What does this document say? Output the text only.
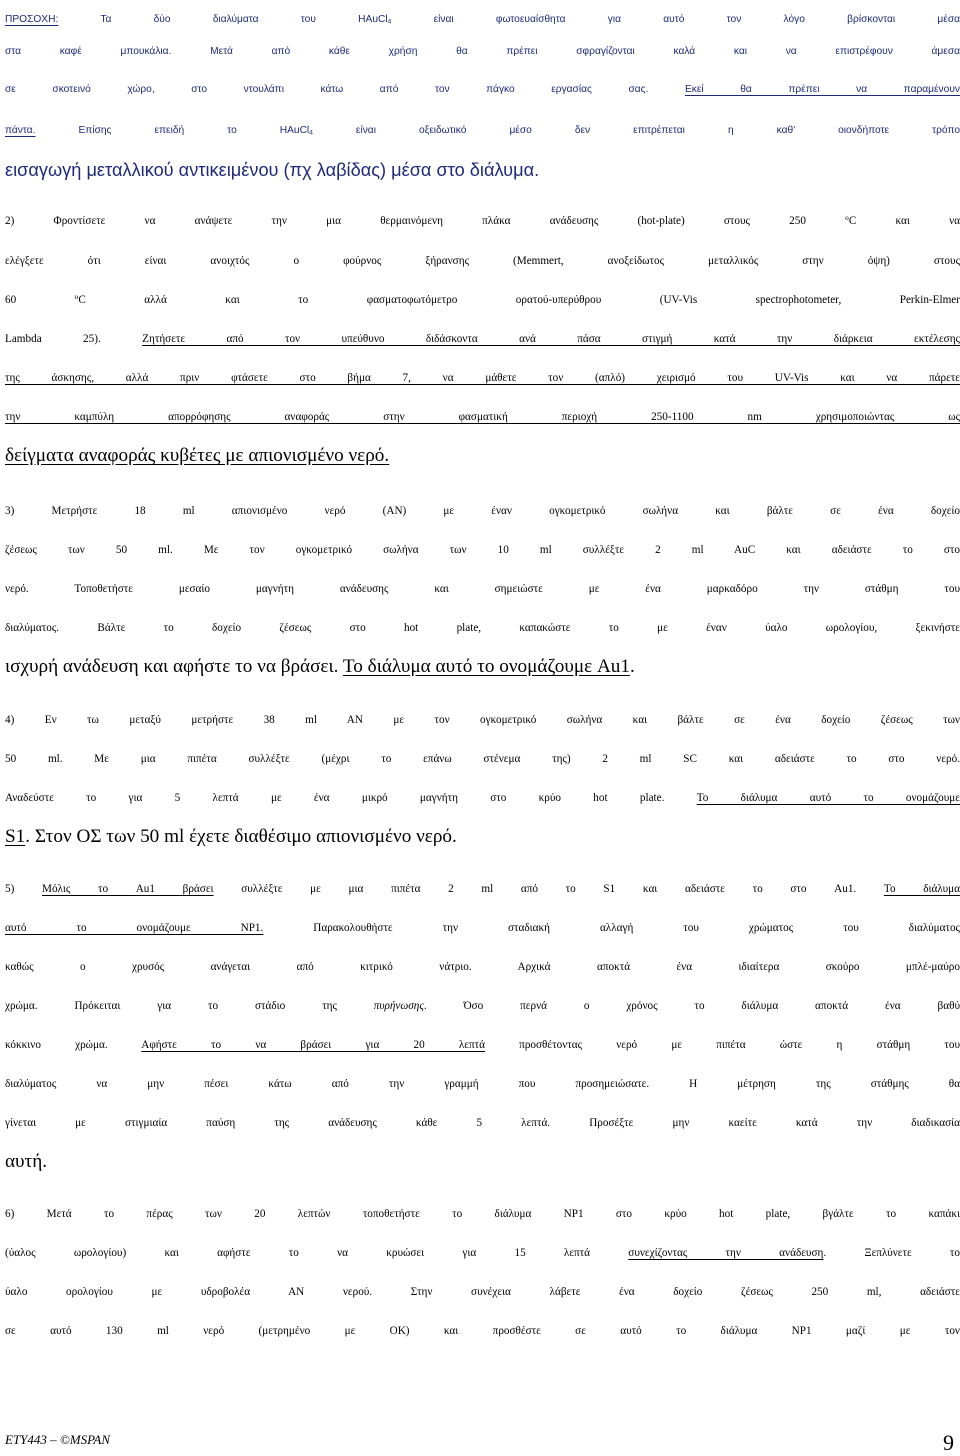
ΠΡΟΣΟΧΗ: Τα δύο διαλύματα του HAuCl$_4$ είναι φωτοευαίσθητα για αυτό τον λόγο βρίσκονται μέσα
στα καφέ μπουκάλια. Μετά από κάθε χρήση θα πρέπει σφραγίζονται καλά και να επιστρέφουν άμεσα
σε σκοτεινό χώρο, στο ντουλάπι κάτω από τον πάγκο εργασίας σας. Εκεί θα πρέπει να παραμένουν
πάντα. Επίσης επειδή το HAuCl$_4$ είναι οξειδωτικό μέσο δεν επιτρέπεται η καθ’ οιονδήποτε τρόπο
εισαγωγή μεταλλικού αντικειμένου (πχ λαβίδας) μέσα στο διάλυμα.
2) Φροντίσετε να ανάψετε την μια θερμαινόμενη πλάκα ανάδευσης (hot-plate) στους 250 $^o$C και να
ελέγξετε ότι είναι ανοιχτός ο φούρνος ξήρανσης (Memmert, ανοξείδωτος μεταλλικός στην όψη) στους
60 $^o$C αλλά και το φασματοφωτόμετρο ορατού-υπερύθρου (UV-Vis spectrophotometer, Perkin-Elmer
Lambda 25). Ζητήσετε από τον υπεύθυνο διδάσκοντα ανά πάσα στιγμή κατά την διάρκεια εκτέλεσης
της άσκησης, αλλά πριν φτάσετε στο βήμα 7, να μάθετε τον (απλό) χειρισμό του UV-Vis και να πάρετε
την καμπύλη απορρόφησης αναφοράς στην φασματική περιοχή 250-1100 nm χρησιμοποιώντας ως
δείγματα αναφοράς κυβέτες με απιονισμένο νερό.
3) Μετρήστε 18 ml απιονισμένο νερό (ΑΝ) με έναν ογκομετρικό σωλήνα και βάλτε σε ένα δοχείο
ζέσεως των 50 ml. Με τον ογκομετρικό σωλήνα των 10 ml συλλέξτε 2 ml AuC και αδειάστε το στο
νερό. Τοποθετήστε μεσαίο μαγνήτη ανάδευσης και σημειώστε με ένα μαρκαδόρο την στάθμη του
διαλύματος. Βάλτε το δοχείο ζέσεως στο hot plate, καπακώστε το με έναν ύαλο ωρολογίου, ξεκινήστε
ισχυρή ανάδευση και αφήστε το να βράσει. Το διάλυμα αυτό το ονομάζουμε Au1.
4) Εν τω μεταξύ μετρήστε 38 ml AN με τον ογκομετρικό σωλήνα και βάλτε σε ένα δοχείο ζέσεως των
50 ml. Με μια πιπέτα συλλέξτε (μέχρι το επάνω στένεμα της) 2 ml SC και αδειάστε το στο νερό.
Αναδεύστε το για 5 λεπτά με ένα μικρό μαγνήτη στο κρύο hot plate. Το διάλυμα αυτό το ονομάζουμε
S1. Στον ΟΣ των 50 ml έχετε διαθέσιμο απιονισμένο νερό.
5) Μόλις το Au1 βράσει συλλέξτε με μια πιπέτα 2 ml από το S1 και αδειάστε το στο Au1. Το διάλυμα
αυτό το ονομάζουμε NP1. Παρακολουθήστε την σταδιακή αλλαγή του χρώματος του διαλύματος
καθώς ο χρυσός ανάγεται από κιτρικό νάτριο. Αρχικά αποκτά ένα ιδιαίτερα σκούρο μπλέ-μαύρο
χρώμα. Πρόκειται για το στάδιο της πυρήνωσης. Όσο περνά ο χρόνος το διάλυμα αποκτά ένα βαθύ
κόκκινο χρώμα. Αφήστε το να βράσει για 20 λεπτά προσθέτοντας νερό με πιπέτα ώστε η στάθμη του
διαλύματος να μην πέσει κάτω από την γραμμή που προσημειώσατε. Η μέτρηση της στάθμης θα
γίνεται με στιγμιαία παύση της ανάδευσης κάθε 5 λεπτά. Προσέξτε μην καείτε κατά την διαδικασία
αυτή.
6) Μετά το πέρας των 20 λεπτών τοποθετήστε το διάλυμα NP1 στο κρύο hot plate, βγάλτε το καπάκι
(ύαλος ωρολογίου) και αφήστε το να κρυώσει για 15 λεπτά συνεχίζοντας την ανάδευση. Ξεπλύνετε το
ύαλο ορολογίου με υδροβολέα ΑΝ νερού. Στην συνέχεια λάβετε ένα δοχείο ζέσεως 250 ml, αδειάστε
σε αυτό 130 ml νερό (μετρημένο με ΟΚ) και προσθέστε σε αυτό το διάλυμα NP1 μαζί με τον
ETY443 – ©MSPAN	9
